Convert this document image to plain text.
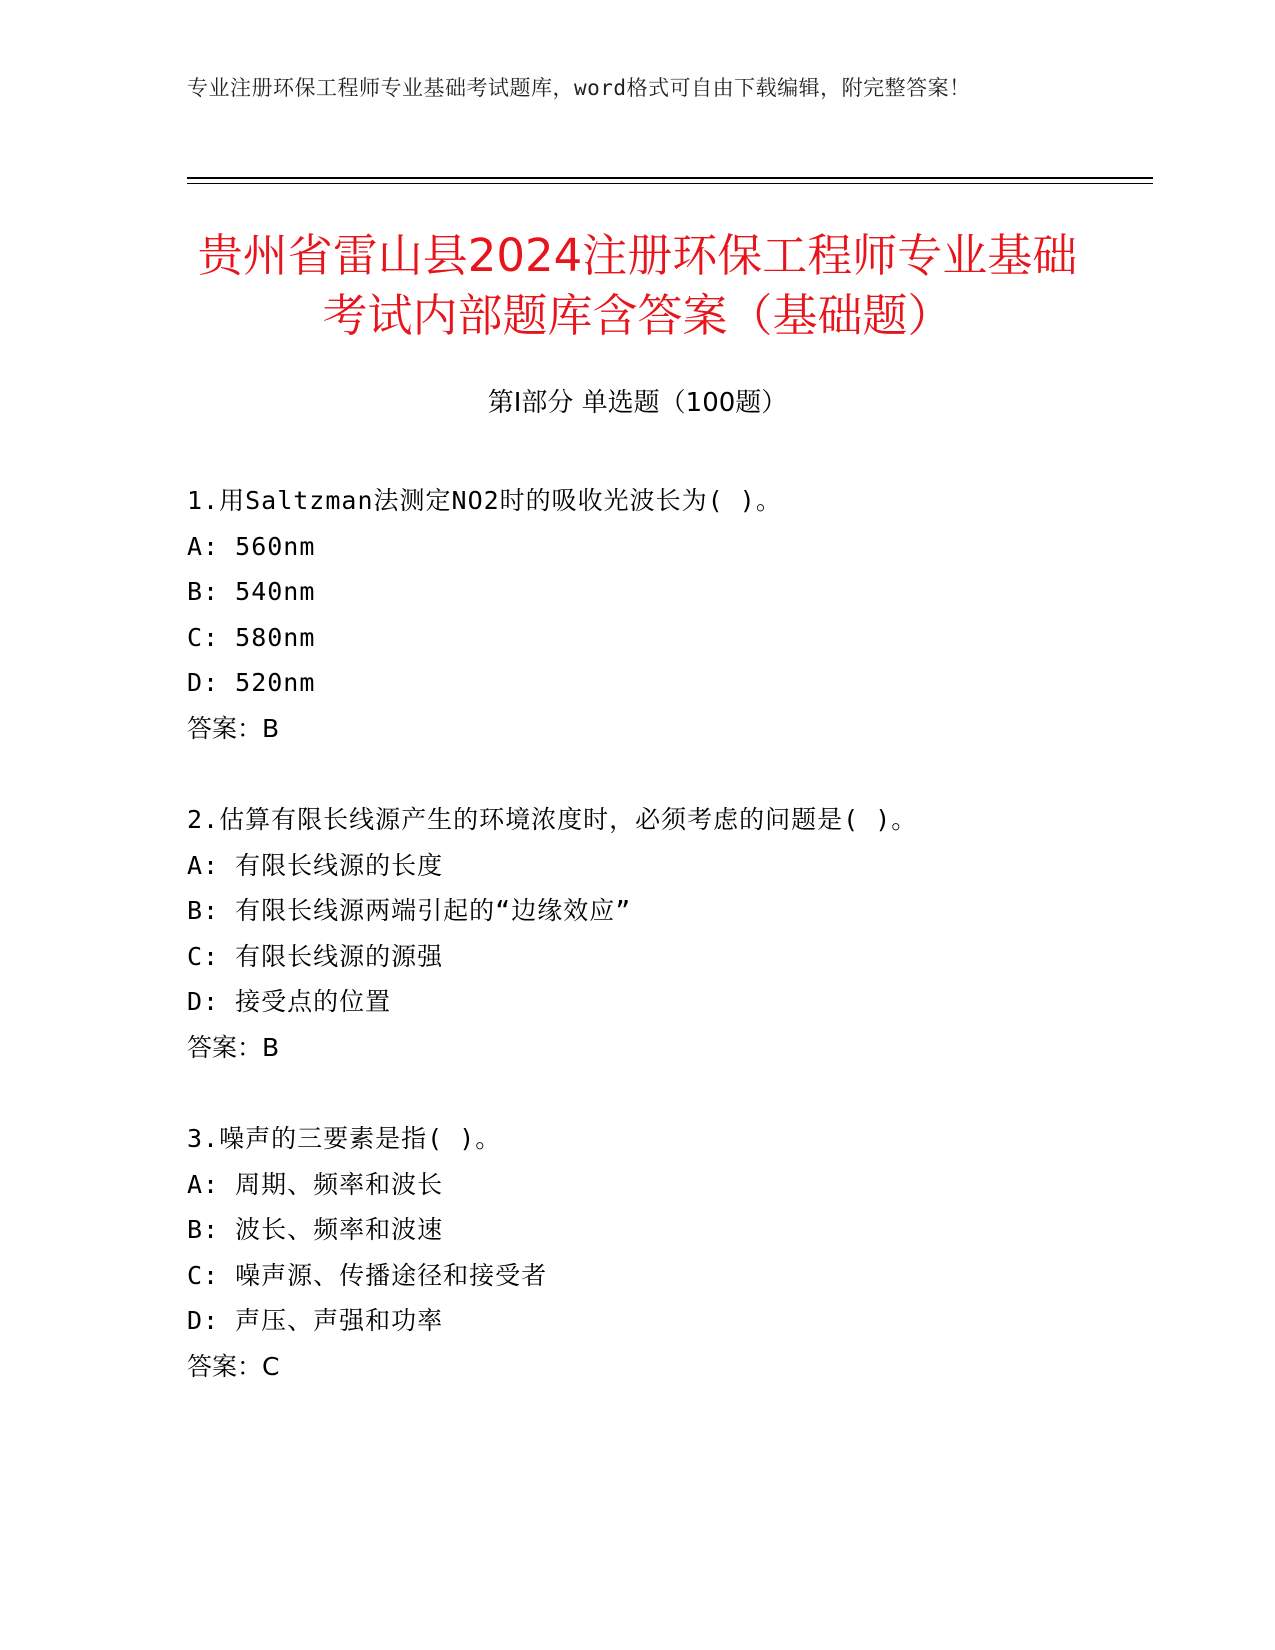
专业注册环保工程师专业基础考试题库，word格式可自由下载编辑，附完整答案！
贵州省雷山县2024注册环保工程师专业基础
考试内部题库含答案（基础题）
第Ⅰ部分 单选题（100题）
1.用Saltzman法测定NO2时的吸收光波长为( )。
A: 560nm
B: 540nm
C: 580nm
D: 520nm
答案：B
2.估算有限长线源产生的环境浓度时，必须考虑的问题是( )。
A: 有限长线源的长度
B: 有限长线源两端引起的“边缘效应”
C: 有限长线源的源强
D: 接受点的位置
答案：B
3.噪声的三要素是指( )。
A: 周期、频率和波长
B: 波长、频率和波速
C: 噪声源、传播途径和接受者
D: 声压、声强和功率
答案：C
